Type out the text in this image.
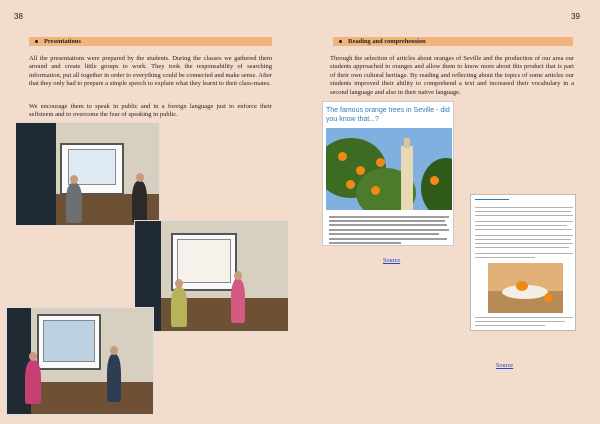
38	39
Presentations

All the presentations were prepared by the students. During the classes we gathered them around and create little groups to work. They took the responsability of searching information, put all together in order to everything could be connected and make sense. After that they only had to prepare a simple speech to explain what they learnt to their class-mates.

We encourage them to speak in public and in a foreign language just to enforce their selfsteem and to overcome the fear of speaking in public.

Reading and comprehension

Through the selection of articles about oranges of Seville and the production of our area our students approached to oranges and allow them to know more about this product that is part of their own cultural heritage. By reading and reflecting about the topics of some articles our students improved their ability to comprehend a text and increased their vocabulary in a second language and also in their native language.

The famous orange trees in Seville - did you know that...?
Source
Source
